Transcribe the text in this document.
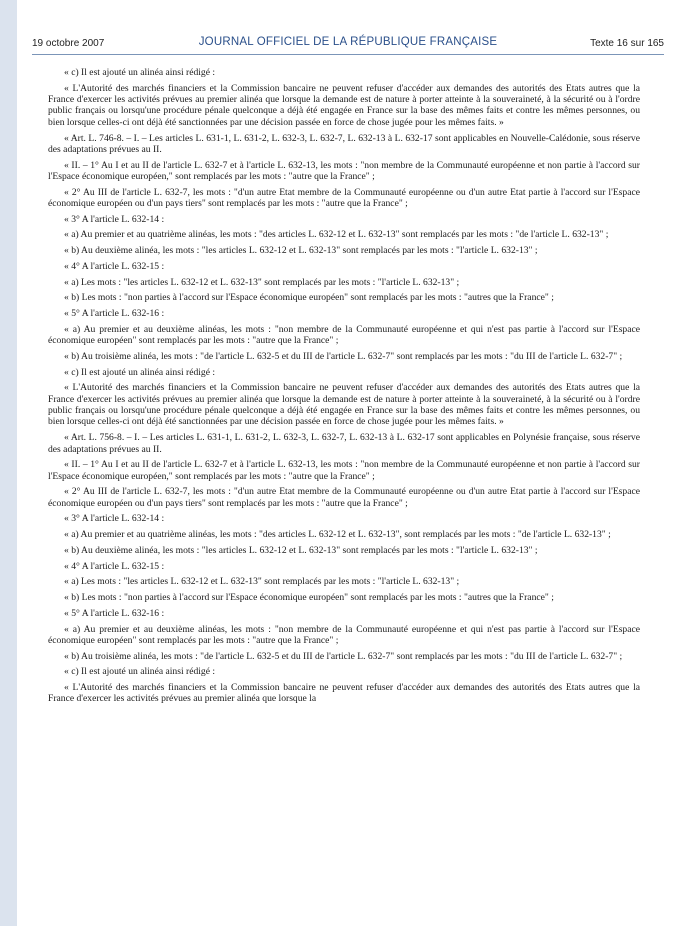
19 octobre 2007	JOURNAL OFFICIEL DE LA RÉPUBLIQUE FRANÇAISE	Texte 16 sur 165

« c) Il est ajouté un alinéa ainsi rédigé :

« L'Autorité des marchés financiers et la Commission bancaire ne peuvent refuser d'accéder aux demandes des autorités des Etats autres que la France d'exercer les activités prévues au premier alinéa que lorsque la demande est de nature à porter atteinte à la souveraineté, à la sécurité ou à l'ordre public français ou lorsqu'une procédure pénale quelconque a déjà été engagée en France sur la base des mêmes faits et contre les mêmes personnes, ou bien lorsque celles-ci ont déjà été sanctionnées par une décision passée en force de chose jugée pour les mêmes faits. »

« Art. L. 746-8. – I. – Les articles L. 631-1, L. 631-2, L. 632-3, L. 632-7, L. 632-13 à L. 632-17 sont applicables en Nouvelle-Calédonie, sous réserve des adaptations prévues au II.

« II. – 1° Au I et au II de l'article L. 632-7 et à l'article L. 632-13, les mots : "non membre de la Communauté européenne et non partie à l'accord sur l'Espace économique européen," sont remplacés par les mots : "autre que la France" ;

« 2° Au III de l'article L. 632-7, les mots : "d'un autre Etat membre de la Communauté européenne ou d'un autre Etat partie à l'accord sur l'Espace économique européen ou d'un pays tiers" sont remplacés par les mots : "autre que la France" ;

« 3° A l'article L. 632-14 :

« a) Au premier et au quatrième alinéas, les mots : "des articles L. 632-12 et L. 632-13" sont remplacés par les mots : "de l'article L. 632-13" ;

« b) Au deuxième alinéa, les mots : "les articles L. 632-12 et L. 632-13" sont remplacés par les mots : "l'article L. 632-13" ;

« 4° A l'article L. 632-15 :

« a) Les mots : "les articles L. 632-12 et L. 632-13" sont remplacés par les mots : "l'article L. 632-13" ;

« b) Les mots : "non parties à l'accord sur l'Espace économique européen" sont remplacés par les mots : "autres que la France" ;

« 5° A l'article L. 632-16 :

« a) Au premier et au deuxième alinéas, les mots : "non membre de la Communauté européenne et qui n'est pas partie à l'accord sur l'Espace économique européen" sont remplacés par les mots : "autre que la France" ;

« b) Au troisième alinéa, les mots : "de l'article L. 632-5 et du III de l'article L. 632-7" sont remplacés par les mots : "du III de l'article L. 632-7" ;

« c) Il est ajouté un alinéa ainsi rédigé :

« L'Autorité des marchés financiers et la Commission bancaire ne peuvent refuser d'accéder aux demandes des autorités des Etats autres que la France d'exercer les activités prévues au premier alinéa que lorsque la demande est de nature à porter atteinte à la souveraineté, à la sécurité ou à l'ordre public français ou lorsqu'une procédure pénale quelconque a déjà été engagée en France sur la base des mêmes faits et contre les mêmes personnes, ou bien lorsque celles-ci ont déjà été sanctionnées par une décision passée en force de chose jugée pour les mêmes faits. »

« Art. L. 756-8. – I. – Les articles L. 631-1, L. 631-2, L. 632-3, L. 632-7, L. 632-13 à L. 632-17 sont applicables en Polynésie française, sous réserve des adaptations prévues au II.

« II. – 1° Au I et au II de l'article L. 632-7 et à l'article L. 632-13, les mots : "non membre de la Communauté européenne et non partie à l'accord sur l'Espace économique européen," sont remplacés par les mots : "autre que la France" ;

« 2° Au III de l'article L. 632-7, les mots : "d'un autre Etat membre de la Communauté européenne ou d'un autre Etat partie à l'accord sur l'Espace économique européen ou d'un pays tiers" sont remplacés par les mots : "autre que la France" ;

« 3° A l'article L. 632-14 :

« a) Au premier et au quatrième alinéas, les mots : "des articles L. 632-12 et L. 632-13", sont remplacés par les mots : "de l'article L. 632-13" ;

« b) Au deuxième alinéa, les mots : "les articles L. 632-12 et L. 632-13" sont remplacés par les mots : "l'article L. 632-13" ;

« 4° A l'article L. 632-15 :

« a) Les mots : "les articles L. 632-12 et L. 632-13" sont remplacés par les mots : "l'article L. 632-13" ;

« b) Les mots : "non parties à l'accord sur l'Espace économique européen" sont remplacés par les mots : "autres que la France" ;

« 5° A l'article L. 632-16 :

« a) Au premier et au deuxième alinéas, les mots : "non membre de la Communauté européenne et qui n'est pas partie à l'accord sur l'Espace économique européen" sont remplacés par les mots : "autre que la France" ;

« b) Au troisième alinéa, les mots : "de l'article L. 632-5 et du III de l'article L. 632-7" sont remplacés par les mots : "du III de l'article L. 632-7" ;

« c) Il est ajouté un alinéa ainsi rédigé :

« L'Autorité des marchés financiers et la Commission bancaire ne peuvent refuser d'accéder aux demandes des autorités des Etats autres que la France d'exercer les activités prévues au premier alinéa que lorsque la
